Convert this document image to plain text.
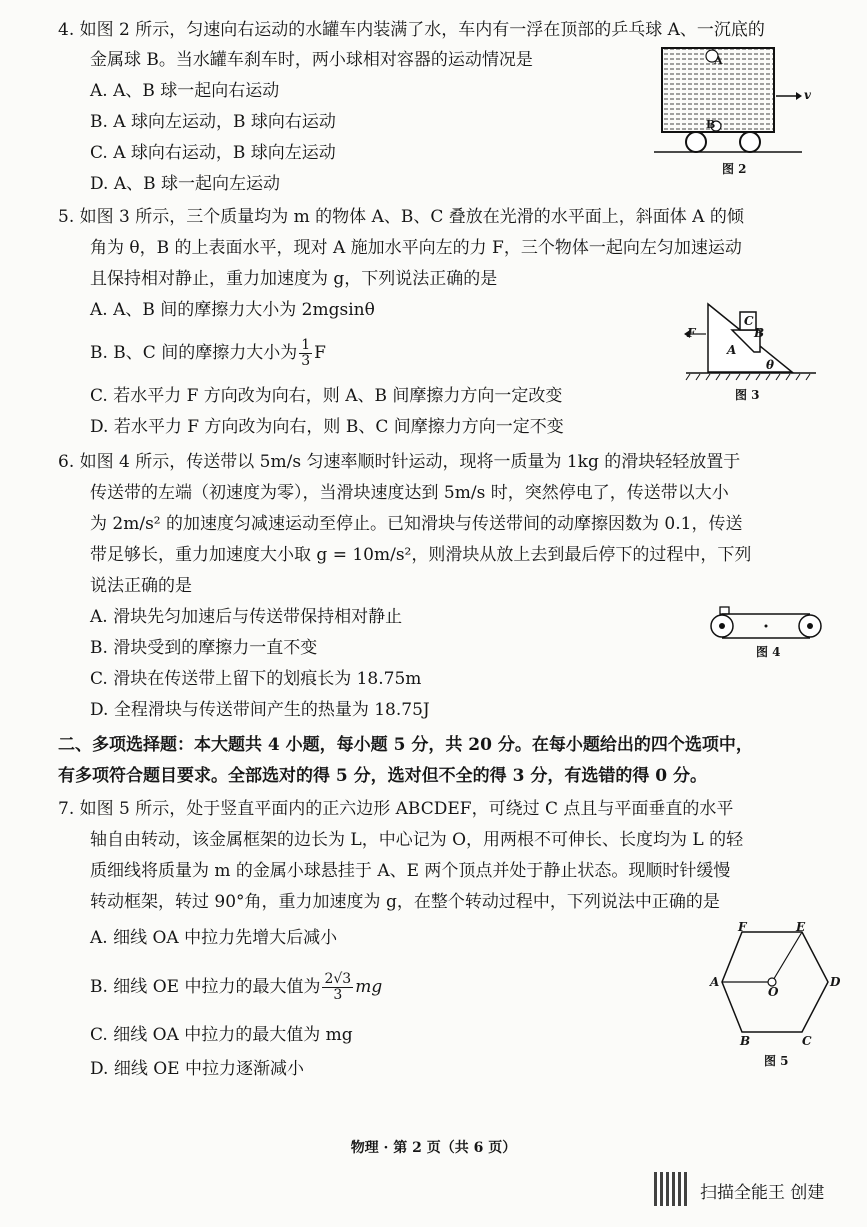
4. 如图 2 所示，匀速向右运动的水罐车内装满了水，车内有一浮在顶部的乒乓球 A、一沉底的
金属球 B。当水罐车刹车时，两小球相对容器的运动情况是
A. A、B 球一起向右运动
B. A 球向左运动，B 球向右运动
C. A 球向右运动，B 球向左运动
D. A、B 球一起向左运动
A
B
v
图 2
5. 如图 3 所示，三个质量均为 m 的物体 A、B、C 叠放在光滑的水平面上，斜面体 A 的倾
角为 θ，B 的上表面水平，现对 A 施加水平向左的力 F，三个物体一起向左匀加速运动
且保持相对静止，重力加速度为 g，下列说法正确的是
A. A、B 间的摩擦力大小为 2mgsinθ
B. B、C 间的摩擦力大小为 $\frac{1}{3}$ F
C. 若水平力 F 方向改为向右，则 A、B 间摩擦力方向一定改变
D. 若水平力 F 方向改为向右，则 B、C 间摩擦力方向一定不变
F
A
B
C
θ
图 3
6. 如图 4 所示，传送带以 5m/s 匀速率顺时针运动，现将一质量为 1kg 的滑块轻轻放置于
传送带的左端（初速度为零），当滑块速度达到 5m/s 时，突然停电了，传送带以大小
为 2m/s² 的加速度匀减速运动至停止。已知滑块与传送带间的动摩擦因数为 0.1，传送
带足够长，重力加速度大小取 g = 10m/s²，则滑块从放上去到最后停下的过程中，下列
说法正确的是
A. 滑块先匀加速后与传送带保持相对静止
B. 滑块受到的摩擦力一直不变
C. 滑块在传送带上留下的划痕长为 18.75m
D. 全程滑块与传送带间产生的热量为 18.75J
图 4
二、多项选择题：本大题共 4 小题，每小题 5 分，共 20 分。在每小题给出的四个选项中，
有多项符合题目要求。全部选对的得 5 分，选对但不全的得 3 分，有选错的得 0 分。
7. 如图 5 所示，处于竖直平面内的正六边形 ABCDEF，可绕过 C 点且与平面垂直的水平
轴自由转动，该金属框架的边长为 L，中心记为 O，用两根不可伸长、长度均为 L 的轻
质细线将质量为 m 的金属小球悬挂于 A、E 两个顶点并处于静止状态。现顺时针缓慢
转动框架，转过 90°角，重力加速度为 g，在整个转动过程中，下列说法中正确的是
A. 细线 OA 中拉力先增大后减小
B. 细线 OE 中拉力的最大值为 $\frac{2√3}{3}$ mg
C. 细线 OA 中拉力的最大值为 mg
D. 细线 OE 中拉力逐渐减小
F	E
A
O
D
B	C
图 5
物理 · 第 2 页（共 6 页）
扫描全能王 创建
